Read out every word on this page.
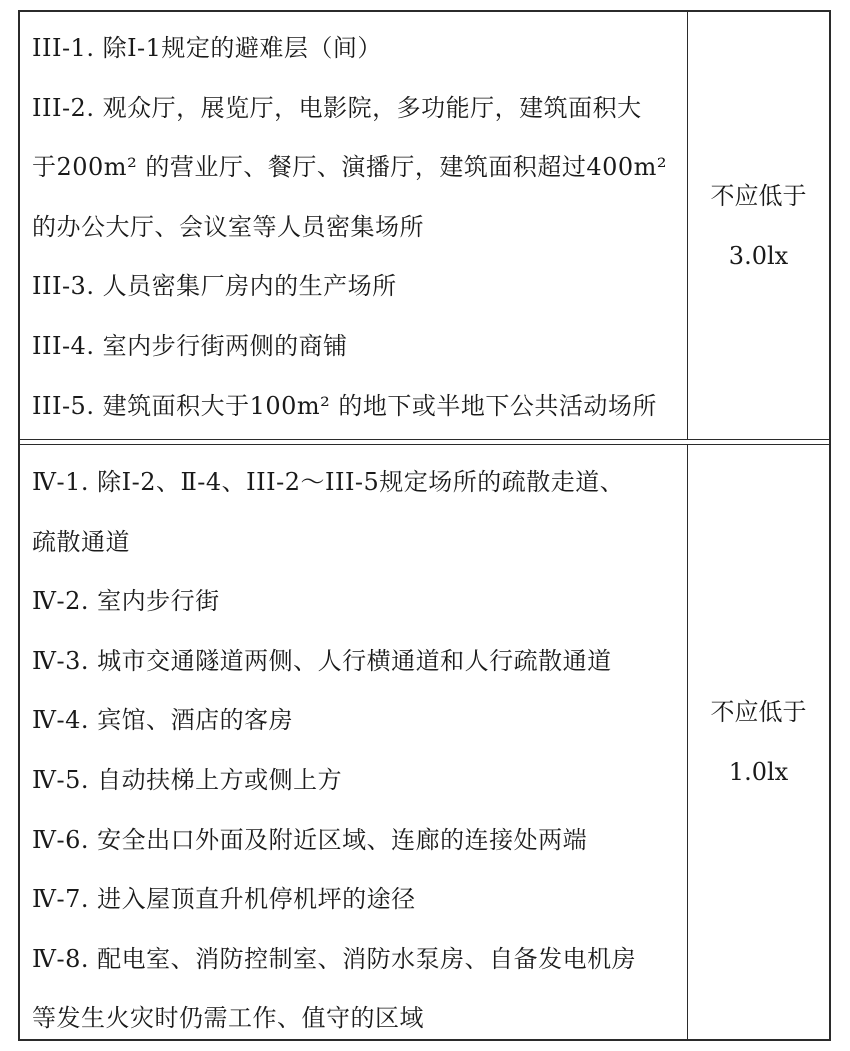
III-1. 除Ⅰ-1规定的避难层（间）
III-2. 观众厅，展览厅，电影院，多功能厅，建筑面积大
于200m² 的营业厅、餐厅、演播厅，建筑面积超过400m²
的办公大厅、会议室等人员密集场所
III-3. 人员密集厂房内的生产场所
III-4. 室内步行街两侧的商铺
III-5. 建筑面积大于100m² 的地下或半地下公共活动场所
不应低于
3.0lx
Ⅳ-1. 除Ⅰ-2、Ⅱ-4、III-2～III-5规定场所的疏散走道、
疏散通道
Ⅳ-2. 室内步行街
Ⅳ-3. 城市交通隧道两侧、人行横通道和人行疏散通道
Ⅳ-4. 宾馆、酒店的客房
Ⅳ-5. 自动扶梯上方或侧上方
Ⅳ-6. 安全出口外面及附近区域、连廊的连接处两端
Ⅳ-7. 进入屋顶直升机停机坪的途径
Ⅳ-8. 配电室、消防控制室、消防水泵房、自备发电机房
等发生火灾时仍需工作、值守的区域
不应低于
1.0lx
